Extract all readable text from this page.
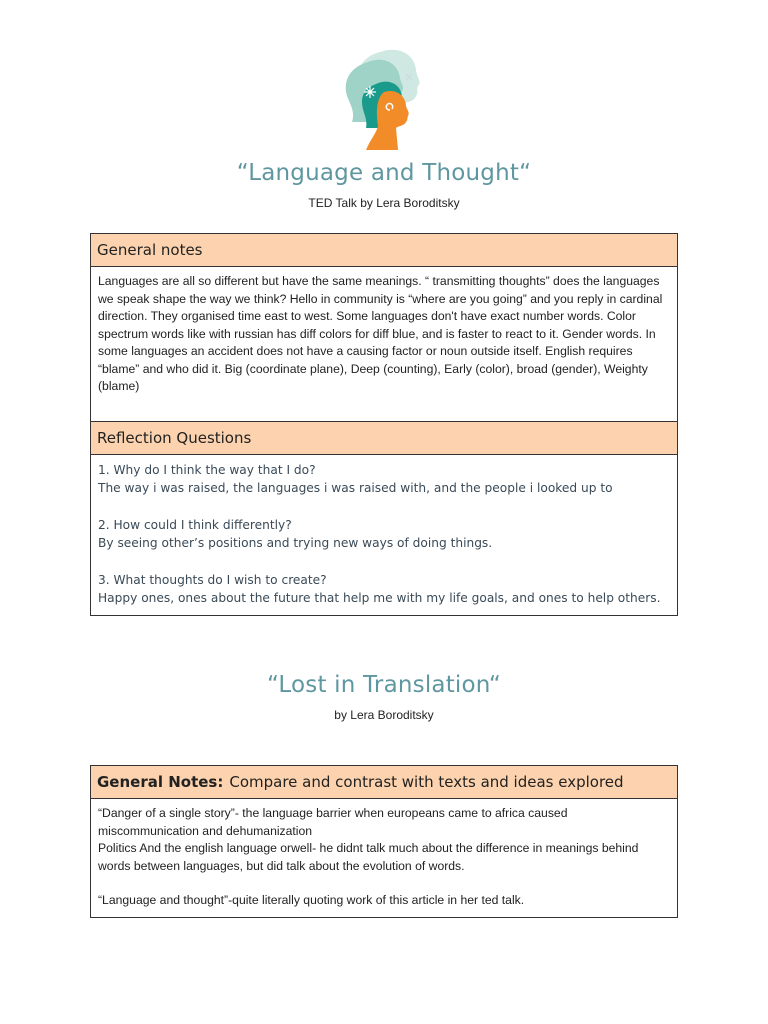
“Language and Thought“
TED Talk by Lera Boroditsky
General notes
Languages are all so different but have the same meanings. “ transmitting thoughts” does the languages we speak shape the way we think? Hello in community is “where are you going” and you reply in cardinal direction. They organised time east to west. Some languages don't have exact number words. Color spectrum words like with russian has diff colors for diff blue, and is faster to react to it. Gender words. In some languages an accident does not have a causing factor or noun outside itself. English requires “blame” and who did it. Big (coordinate plane), Deep (counting), Early (color), broad (gender), Weighty (blame)
Reflection Questions
1. Why do I think the way that I do?
The way i was raised, the languages i was raised with, and the people i looked up to
2. How could I think differently?
By seeing other’s positions and trying new ways of doing things.
3. What thoughts do I wish to create?
Happy ones, ones about the future that help me with my life goals, and ones to help others.
“Lost in Translation“
by Lera Boroditsky
General Notes: Compare and contrast with texts and ideas explored
“Danger of a single story”- the language barrier when europeans came to africa caused miscommunication and dehumanization
Politics And the english language orwell- he didnt talk much about the difference in meanings behind words between languages, but did talk about the evolution of words.
“Language and thought”-quite literally quoting work of this article in her ted talk.
